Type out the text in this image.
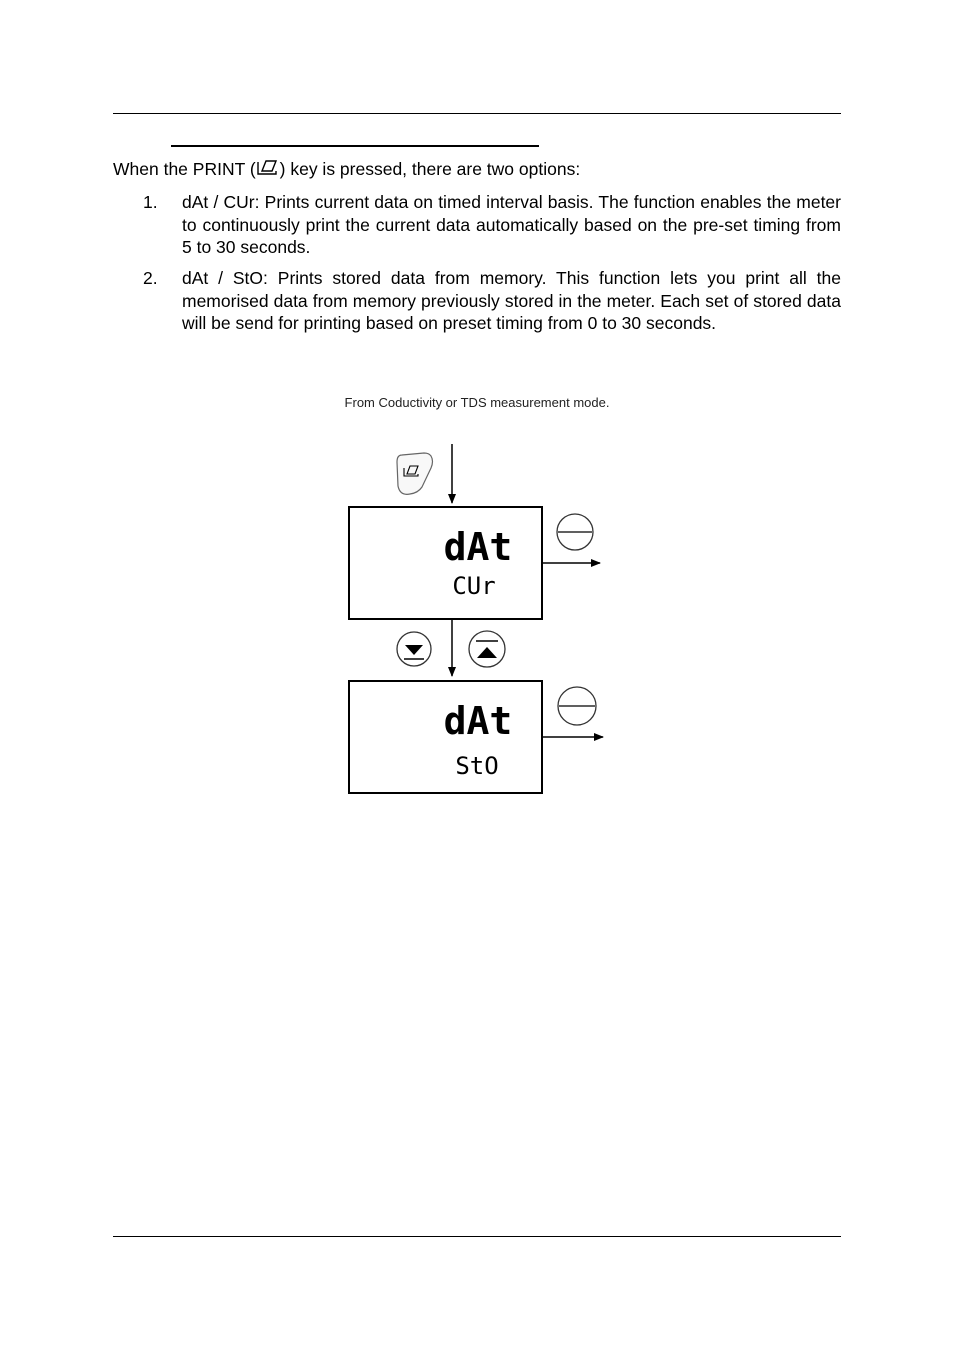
When the PRINT ( ) key is pressed, there are two options:
1. dAt / CUr: Prints current data on timed interval basis. The function enables the meter to continuously print the current data automatically based on the pre-set timing from 5 to 30 seconds.
2. dAt / StO: Prints stored data from memory. This function lets you print all the memorised data from memory previously stored in the meter. Each set of stored data will be send for printing based on preset timing from 0 to 30 seconds.
From Coductivity or TDS measurement mode.
dAt
CUr
dAt
StO
